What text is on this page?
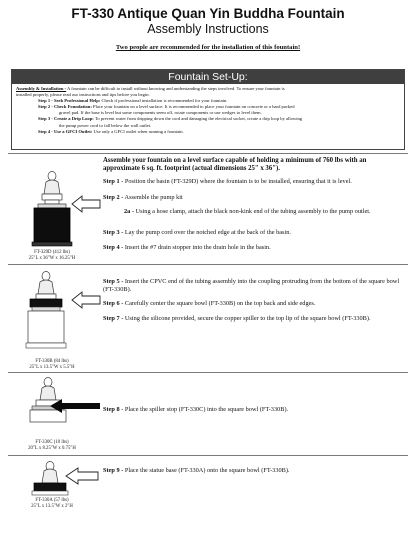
FT-330 Antique Quan Yin Buddha Fountain
Assembly Instructions
Two people are recommended for the installation of this fountain!
Fountain Set-Up:
Assembly & Installation - A fountain can be difficult to install without knowing and understanding the steps involved. To ensure your fountain is
installed properly, please read our instructions and tips before you begin.
Step 1 - Seek Professional Help: Check if professional installation is recommended for your fountain.
Step 2 - Check Foundation: Place your fountain on a level surface. It is recommended to place your fountain on concrete or a hard packed
gravel pad. If the base is level but some components seem off, rotate components or use wedges to level them.
Step 3 - Create a Drip Loop: To prevent water from dripping down the cord and damaging the electrical socket, create a drip loop by allowing
the pump power cord to fall below the wall outlet.
Step 4 - Use a GFCI Outlet: Use only a GFCI outlet when running a fountain.
Assemble your fountain on a level surface capable of holding a minimum of 760 lbs with an approximate 6 sq. ft. footprint (actual dimensions 25" x 36").
FT-329D (412 lbs)
25"L x 36"W x 16.25"H
Step 1 - Position the basin (FT-329D) where the fountain is to be installed, ensuring that it is level.
Step 2 - Assemble the pump kit
2a - Using a hose clamp, attach the black non-kink end of the tubing assembly to the pump outlet.
Step 3 - Lay the pump cord over the notched edge at the back of the basin.
Step 4 - Insert the #7 drain stopper into the drain hole in the basin.
FT-330B (84 lbs)
25"L x 13.5"W x 5.5"H
Step 5 - Insert the CPVC end of the tubing assembly into the coupling protruding from the bottom of the square bowl (FT-330B).
Step 6 - Carefully center the square bowl (FT-330B) on the top back and side edges.
Step 7 - Using the silicone provided, secure the copper spiller to the top lip of the square bowl (FT-330B).
FT-330C (10 lbs)
20"L x 8.25"W x 0.75"H
Step 8 - Place the spiller stop (FT-330C) into the square bowl (FT-330B).
FT-330A (57 lbs)
25"L x 13.5"W x 2"H
Step 9 - Place the statue base (FT-330A) onto the square bowl (FT-330B).
